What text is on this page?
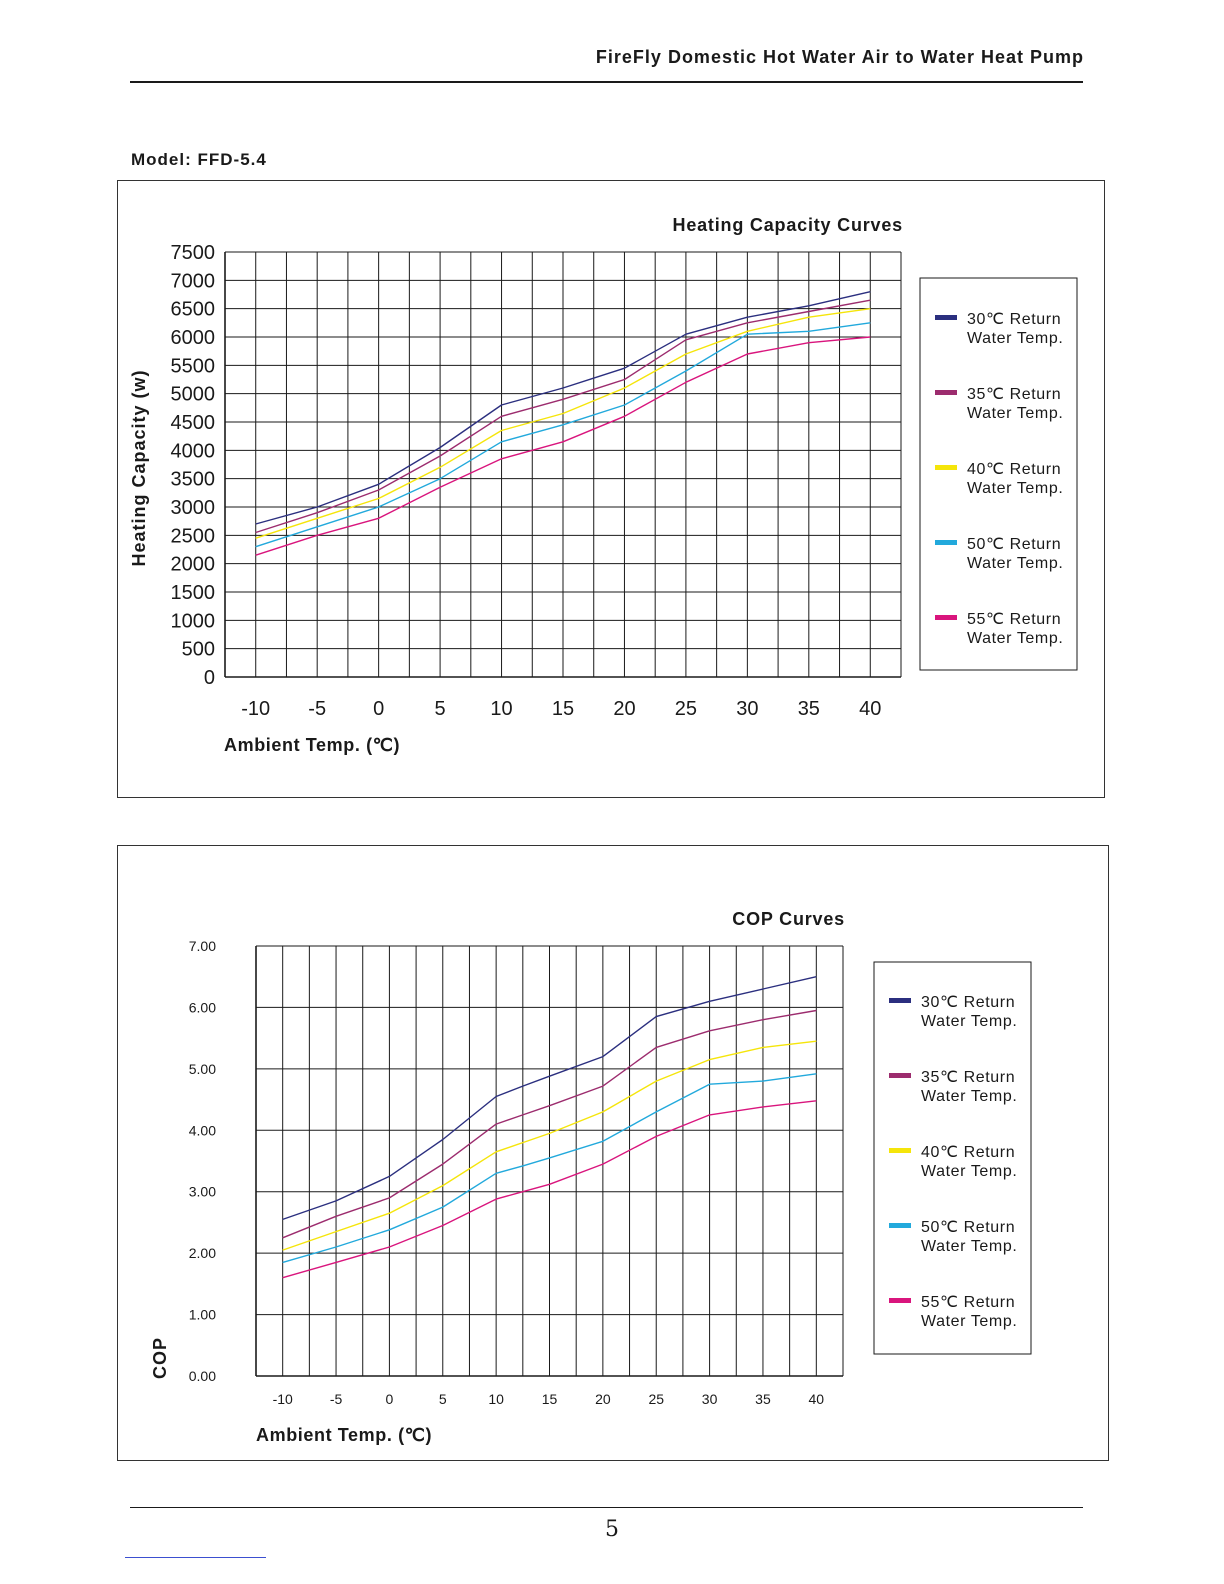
FireFly Domestic Hot Water Air to Water Heat Pump
Model: FFD-5.4
Heating Capacity Curves
0
500
1000
1500
2000
2500
3000
3500
4000
4500
5000
5500
6000
6500
7000
7500
-10 -5 0	5 10 15 20 25 30 35 40
Ambient Temp. (℃)
Heating Capacity (w)
30℃ Return
Water Temp.
35℃ Return
Water Temp.
40℃ Return
Water Temp.
50℃ Return
Water Temp.
55℃ Return
Water Temp.
COP Curves
0.00
1.00
2.00
3.00
4.00
5.00
6.00
7.00
-10	-5	0	5	10	15	20	25	30	35	40
Ambient Temp. (℃)
COP
30℃ Return
Water Temp.
35℃ Return
Water Temp.
40℃ Return
Water Temp.
50℃ Return
Water Temp.
55℃ Return
Water Temp.
5
